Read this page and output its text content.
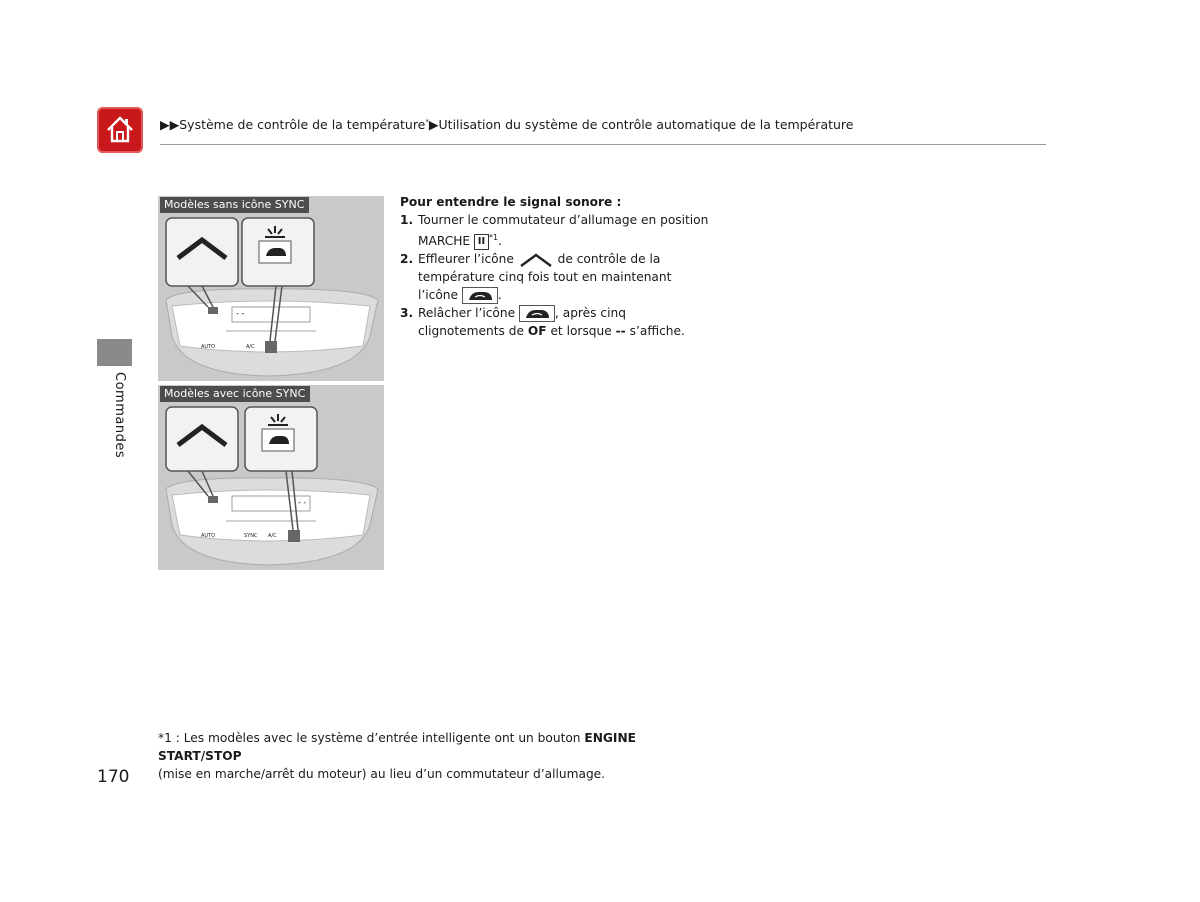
▶▶Système de contrôle de la température*▶Utilisation du système de contrôle automatique de la température
Commandes
Modèles sans icône SYNC
- -
AUTO	A/C
Modèles avec icône SYNC
- -
AUTO	SYNC A/C
Pour entendre le signal sonore :
1. Tourner le commutateur d’allumage en position MARCHE II $^{*1}$.
2. Effleurer l’icône	de contrôle de la température cinq fois tout en maintenant l’icône	.
3. Relâcher l’icône	, après cinq clignotements de OF et lorsque -- s’affiche.
*1 : Les modèles avec le système d’entrée intelligente ont un bouton ENGINE START/STOP
(mise en marche/arrêt du moteur) au lieu d’un commutateur d’allumage.
170
